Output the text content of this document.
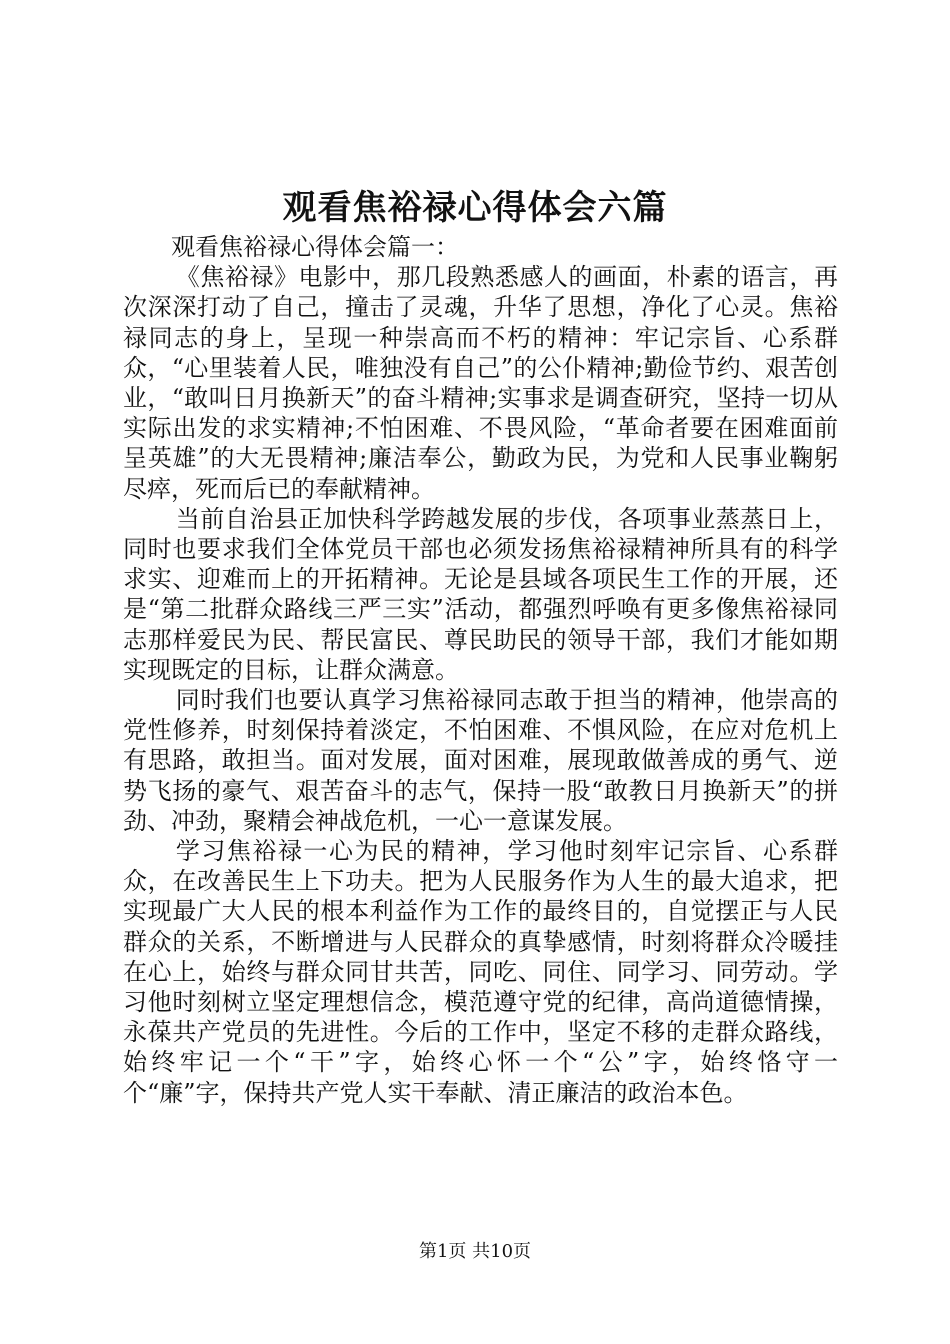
观看焦裕禄心得体会六篇

观看焦裕禄心得体会篇一：

《焦裕禄》电影中，那几段熟悉感人的画面，朴素的语言，再次深深打动了自己，撞击了灵魂，升华了思想，净化了心灵。焦裕禄同志的身上，呈现一种崇高而不朽的精神：牢记宗旨、心系群众，“心里装着人民，唯独没有自己”的公仆精神;勤俭节约、艰苦创业，“敢叫日月换新天”的奋斗精神;实事求是调查研究，坚持一切从实际出发的求实精神;不怕困难、不畏风险，“革命者要在困难面前呈英雄”的大无畏精神;廉洁奉公，勤政为民，为党和人民事业鞠躬尽瘁，死而后已的奉献精神。

当前自治县正加快科学跨越发展的步伐，各项事业蒸蒸日上，同时也要求我们全体党员干部也必须发扬焦裕禄精神所具有的科学求实、迎难而上的开拓精神。无论是县域各项民生工作的开展，还是“第二批群众路线三严三实”活动，都强烈呼唤有更多像焦裕禄同志那样爱民为民、帮民富民、尊民助民的领导干部，我们才能如期实现既定的目标，让群众满意。

同时我们也要认真学习焦裕禄同志敢于担当的精神，他崇高的党性修养，时刻保持着淡定，不怕困难、不惧风险，在应对危机上有思路，敢担当。面对发展，面对困难，展现敢做善成的勇气、逆势飞扬的豪气、艰苦奋斗的志气，保持一股“敢教日月换新天”的拼劲、冲劲，聚精会神战危机，一心一意谋发展。

学习焦裕禄一心为民的精神，学习他时刻牢记宗旨、心系群众，在改善民生上下功夫。把为人民服务作为人生的最大追求，把实现最广大人民的根本利益作为工作的最终目的，自觉摆正与人民群众的关系，不断增进与人民群众的真挚感情，时刻将群众冷暖挂在心上，始终与群众同甘共苦，同吃、同住、同学习、同劳动。学习他时刻树立坚定理想信念，模范遵守党的纪律，高尚道德情操，永葆共产党员的先进性。今后的工作中，坚定不移的走群众路线，始终牢记一个“干”字，始终心怀一个“公”字，始终恪守一个“廉”字，保持共产党人实干奉献、清正廉洁的政治本色。

第1页 共10页
